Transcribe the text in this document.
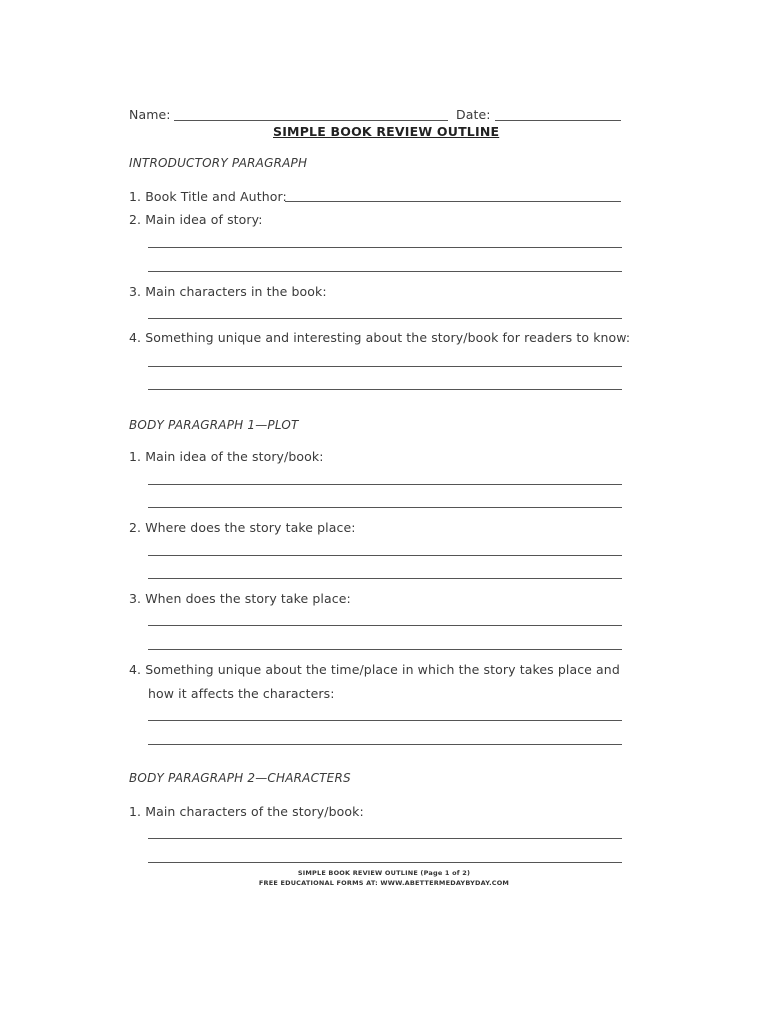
Name:	Date:
SIMPLE BOOK REVIEW OUTLINE
INTRODUCTORY PARAGRAPH
1. Book Title and Author:
2. Main idea of story:
3. Main characters in the book:
4. Something unique and interesting about the story/book for readers to know:
BODY PARAGRAPH 1—PLOT
1. Main idea of the story/book:
2. Where does the story take place:
3. When does the story take place:
4. Something unique about the time/place in which the story takes place and
how it affects the characters:
BODY PARAGRAPH 2—CHARACTERS
1. Main characters of the story/book:
SIMPLE BOOK REVIEW OUTLINE (Page 1 of 2)
FREE EDUCATIONAL FORMS AT: WWW.ABETTERMEDAYBYDAY.COM
